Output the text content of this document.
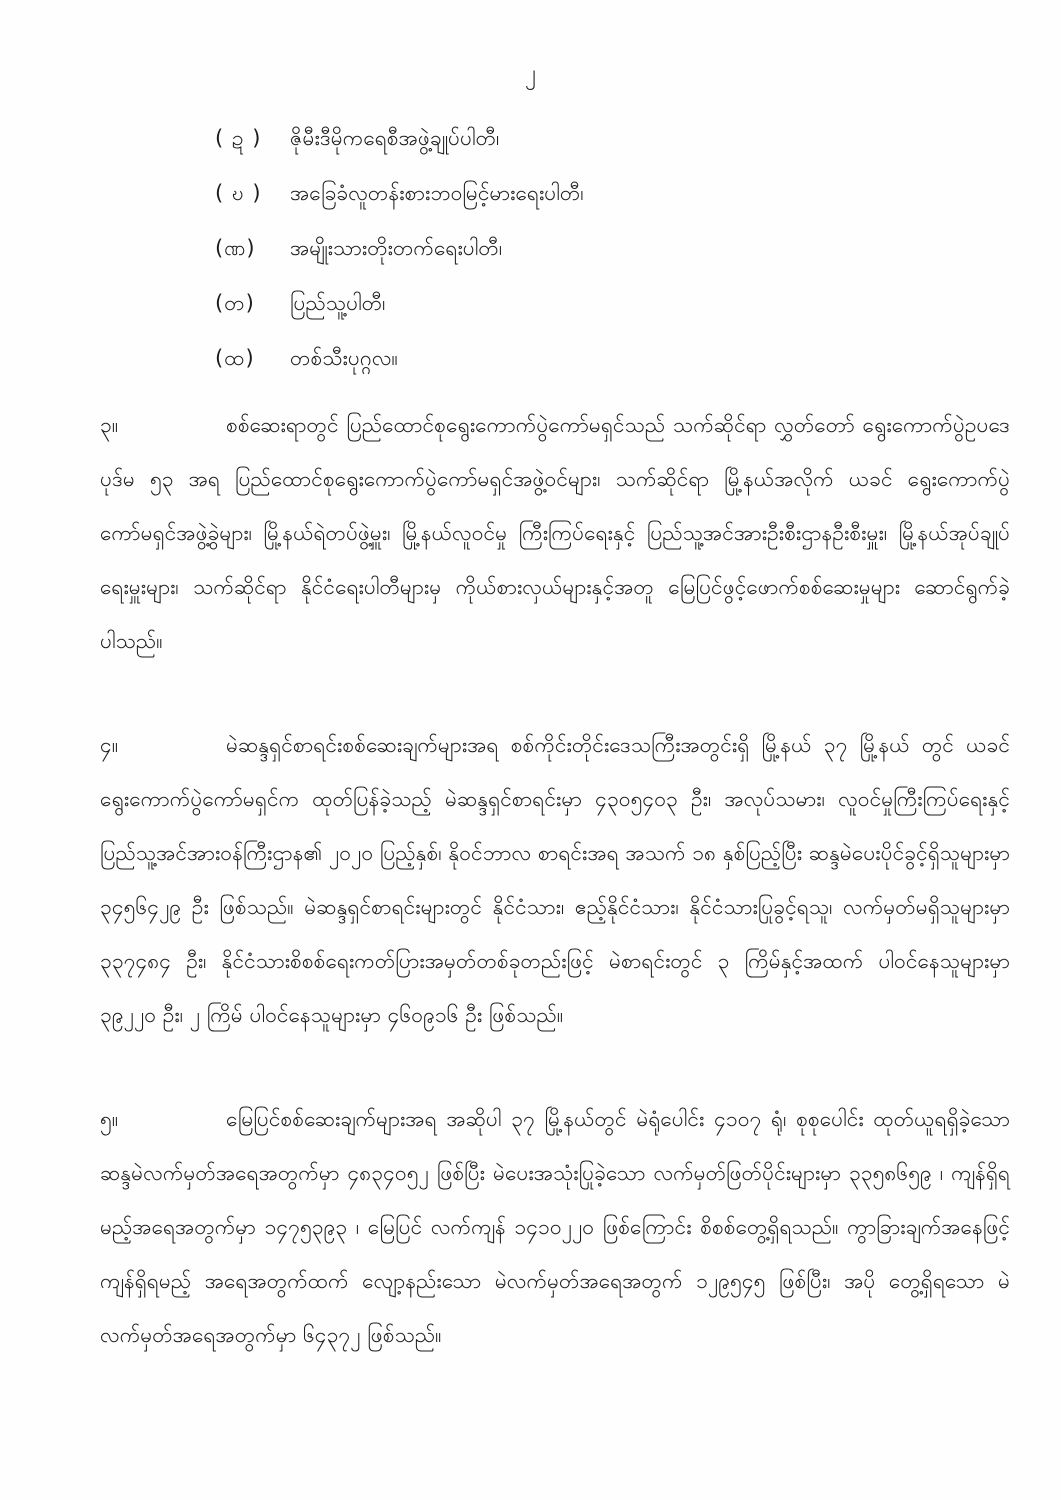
၂
( ဍ )	ဇိုမီးဒီမိုကရေစီအဖွဲ့ချုပ်ပါတီ၊
( ဎ )	အခြေခံလူတန်းစားဘဝမြင့်မားရေးပါတီ၊
(ဏ)	အမျိုးသားတိုးတက်ရေးပါတီ၊
(တ)	ပြည်သူ့ပါတီ၊
(ထ)	တစ်သီးပုဂ္ဂလ။

၃။	စစ်ဆေးရာတွင် ပြည်ထောင်စုရွေးကောက်ပွဲကော်မရှင်သည် သက်ဆိုင်ရာ လွှတ်တော် ရွေးကောက်ပွဲဥပဒေ ပုဒ်မ ၅၃ အရ ပြည်ထောင်စုရွေးကောက်ပွဲကော်မရှင်အဖွဲ့ဝင်များ၊ သက်ဆိုင်ရာ မြို့နယ်အလိုက် ယခင် ရွေးကောက်ပွဲကော်မရှင်အဖွဲ့ခွဲများ၊ မြို့နယ်ရဲတပ်ဖွဲ့မှူး၊ မြို့နယ်လူဝင်မှု ကြီးကြပ်ရေးနှင့် ပြည်သူ့အင်အားဦးစီးဌာနဦးစီးမှူး၊ မြို့နယ်အုပ်ချုပ်ရေးမှူးများ၊ သက်ဆိုင်ရာ နိုင်ငံရေးပါတီများမှ ကိုယ်စားလှယ်များနှင့်အတူ မြေပြင်ဖွင့်ဖောက်စစ်ဆေးမှုများ ဆောင်ရွက်ခဲ့ပါသည်။

၄။	မဲဆန္ဒရှင်စာရင်းစစ်ဆေးချက်များအရ စစ်ကိုင်းတိုင်းဒေသကြီးအတွင်းရှိ မြို့နယ် ၃၇ မြို့နယ် တွင် ယခင် ရွေးကောက်ပွဲကော်မရှင်က ထုတ်ပြန်ခဲ့သည့် မဲဆန္ဒရှင်စာရင်းမှာ ၄၃၀၅၄၀၃ ဦး၊ အလုပ်သမား၊ လူဝင်မှုကြီးကြပ်ရေးနှင့် ပြည်သူ့အင်အားဝန်ကြီးဌာန၏ ၂၀၂၀ ပြည့်နှစ်၊ နိုဝင်ဘာလ စာရင်းအရ အသက် ၁၈ နှစ်ပြည့်ပြီး ဆန္ဒမဲပေးပိုင်ခွင့်ရှိသူများမှာ ၃၄၅၆၄၂၉ ဦး ဖြစ်သည်။ မဲဆန္ဒရှင်စာရင်းများတွင် နိုင်ငံသား၊ ဧည့်နိုင်ငံသား၊ နိုင်ငံသားပြုခွင့်ရသူ၊ လက်မှတ်မရှိသူများမှာ ၃၃၇၄၈၄ ဦး၊ နိုင်ငံသားစိစစ်ရေးကတ်ပြားအမှတ်တစ်ခုတည်းဖြင့် မဲစာရင်းတွင် ၃ ကြိမ်နှင့်အထက် ပါဝင်နေသူများမှာ ၃၉၂၂၀ ဦး၊ ၂ ကြိမ် ပါဝင်နေသူများမှာ ၄၆၀၉၁၆ ဦး ဖြစ်သည်။

၅။	မြေပြင်စစ်ဆေးချက်များအရ အဆိုပါ ၃၇ မြို့နယ်တွင် မဲရုံပေါင်း ၄၁၀၇ ရုံ၊ စုစုပေါင်း ထုတ်ယူရရှိခဲ့သော ဆန္ဒမဲလက်မှတ်အရေအတွက်မှာ ၄၈၃၄၀၅၂ ဖြစ်ပြီး မဲပေးအသုံးပြုခဲ့သော လက်မှတ်ဖြတ်ပိုင်းများမှာ ၃၃၅၈၆၅၉ ၊ ကျန်ရှိရမည့်အရေအတွက်မှာ ၁၄၇၅၃၉၃ ၊ မြေပြင် လက်ကျန် ၁၄၁၀၂၂၀ ဖြစ်ကြောင်း စိစစ်တွေ့ရှိရသည်။ ကွာခြားချက်အနေဖြင့် ကျန်ရှိရမည့် အရေအတွက်ထက် လျော့နည်းသော မဲလက်မှတ်အရေအတွက် ၁၂၉၅၄၅ ဖြစ်ပြီး၊ အပို တွေ့ရှိရသော မဲလက်မှတ်အရေအတွက်မှာ ၆၄၃၇၂ ဖြစ်သည်။
